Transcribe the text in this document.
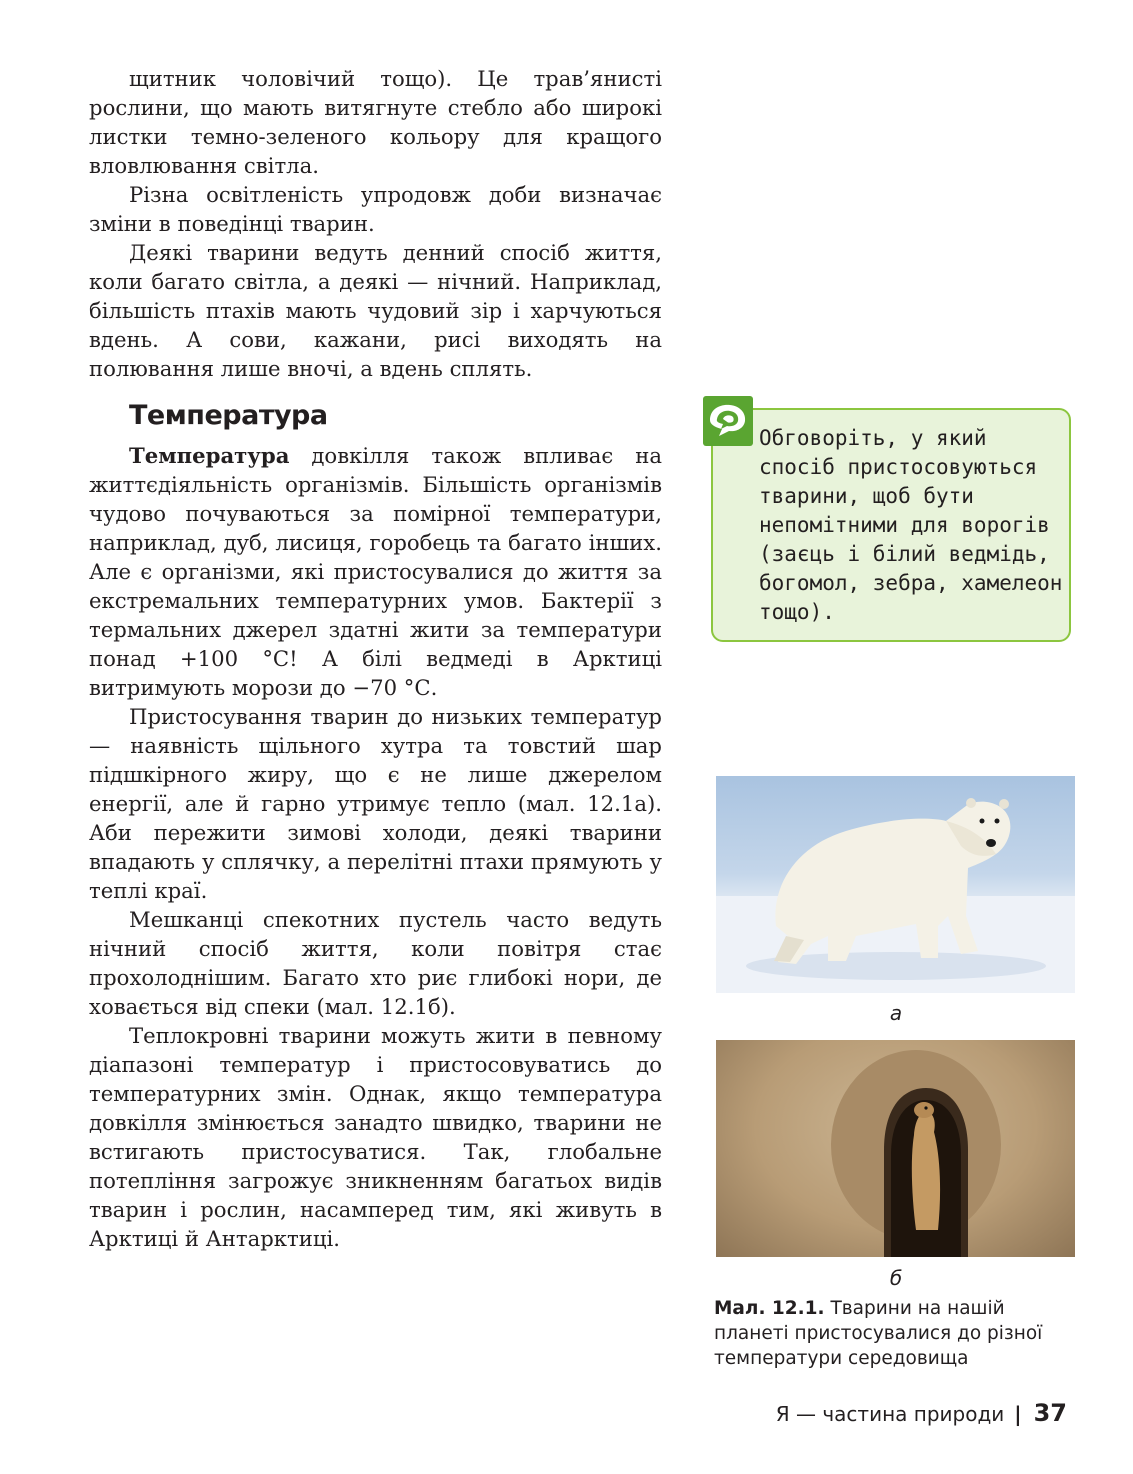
щитник чоловічий тощо). Це трав’янисті рослини, що мають витягнуте стебло або широкі листки темно-зеленого кольору для кращого вловлювання світла.

Різна освітленість упродовж доби визначає зміни в поведінці тварин.

Деякі тварини ведуть денний спосіб життя, коли багато світла, а деякі — нічний. Наприклад, більшість птахів мають чудовий зір і харчуються вдень. А сови, кажани, рисі виходять на полювання лише вночі, а вдень сплять.

Температура

Температура довкілля також впливає на життєдіяльність організмів. Більшість організмів чудово почуваються за помірної температури, наприклад, дуб, лисиця, горобець та багато інших. Але є організми, які пристосувалися до життя за екстремальних температурних умов. Бактерії з термальних джерел здатні жити за температури понад +100 °С! А білі ведмеді в Арктиці витримують морози до −70 °С.

Пристосування тварин до низьких температур — наявність щільного хутра та товстий шар підшкірного жиру, що є не лише джерелом енергії, але й гарно утримує тепло (мал. 12.1а). Аби пережити зимові холоди, деякі тварини впадають у сплячку, а перелітні птахи прямують у теплі краї.

Мешканці спекотних пустель часто ведуть нічний спосіб життя, коли повітря стає прохолоднішим. Багато хто риє глибокі нори, де ховається від спеки (мал. 12.1б).

Теплокровні тварини можуть жити в певному діапазоні температур і пристосовуватись до температурних змін. Однак, якщо температура довкілля змінюється занадто швидко, тварини не встигають пристосуватися. Так, глобальне потепління загрожує зникненням багатьох видів тварин і рослин, насамперед тим, які живуть в Арктиці й Антарктиці.

Обговоріть, у який спосіб пристосовуються тварини, щоб бути непомітними для ворогів (заєць і білий ведмідь, богомол, зебра, хамелеон тощо).
а
б
Мал. 12.1. Тварини на нашій планеті пристосувалися до різної температури середовища
Я — частина природи | 37
